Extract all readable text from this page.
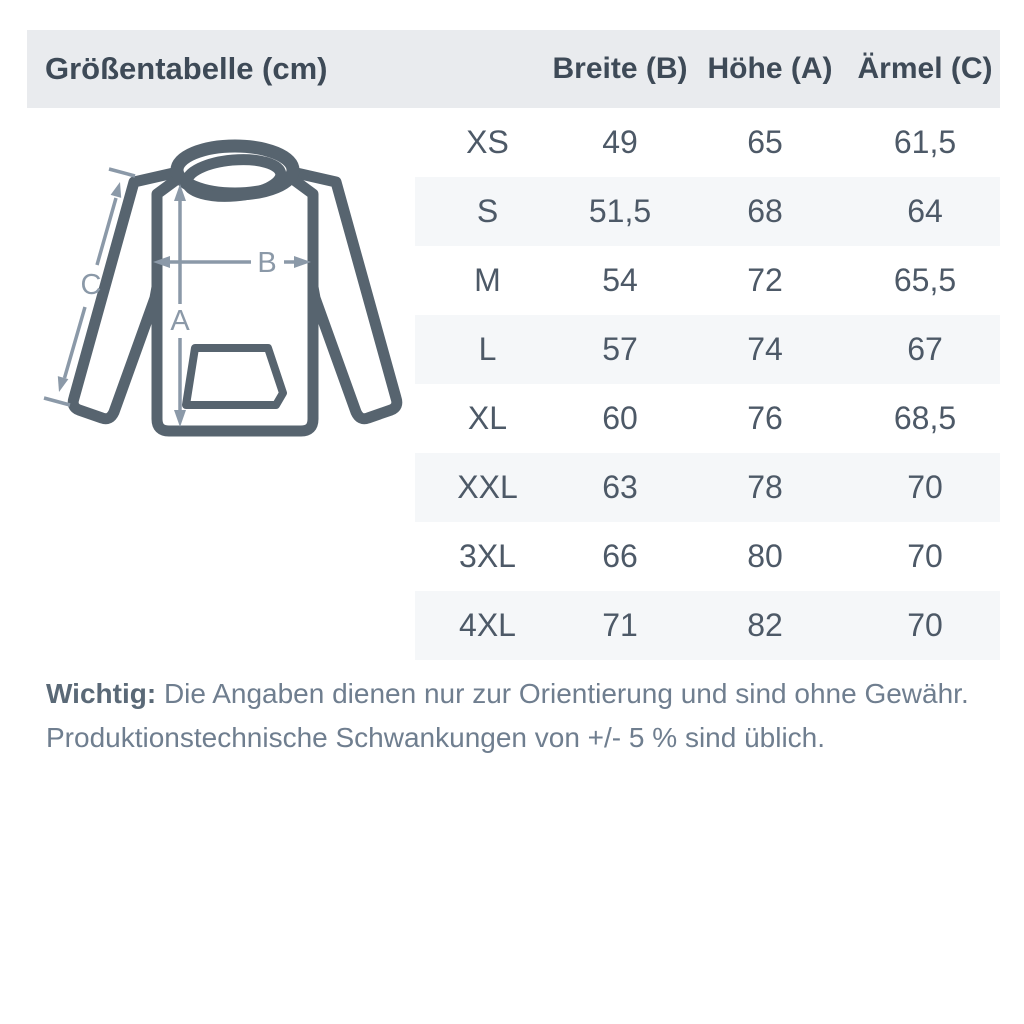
Größentabelle (cm)	Breite (B) Höhe (A) Ärmel (C)
A
B
C
XS	49	65	61,5
S	51,5	68	64
M	54	72	65,5
L	57	74	67
XL	60	76	68,5
XXL	63	78	70
3XL	66	80	70
4XL	71	82	70
Wichtig: Die Angaben dienen nur zur Orientierung und sind ohne Gewähr.
Produktionstechnische Schwankungen von +/- 5 % sind üblich.
